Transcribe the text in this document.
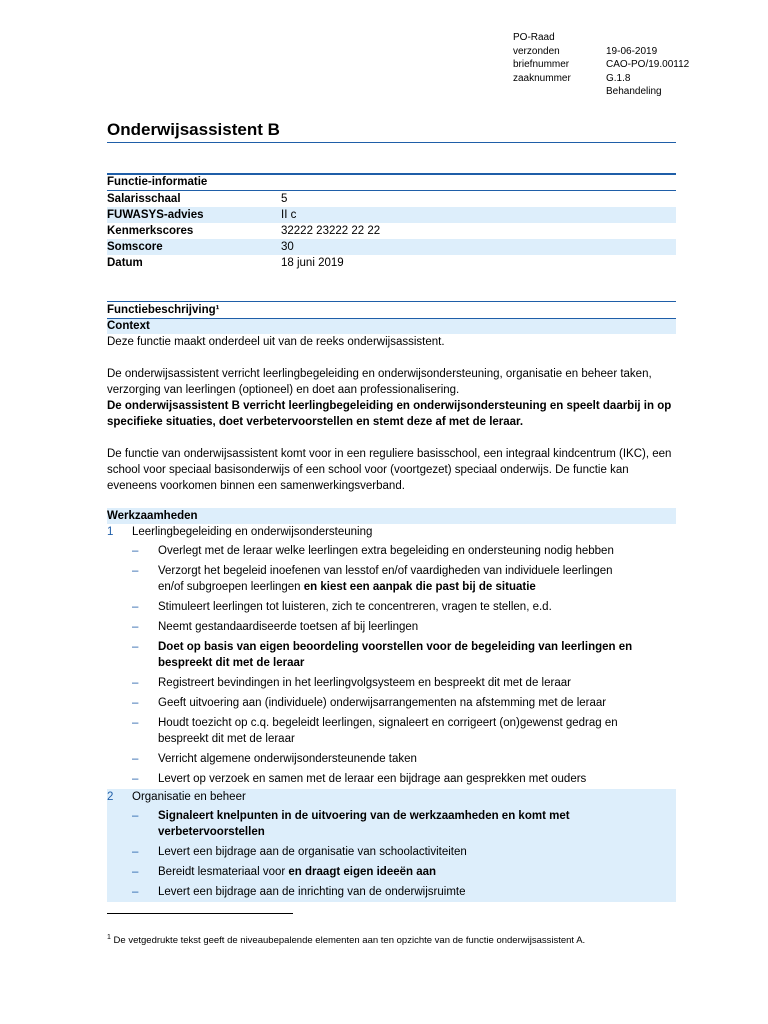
PO-Raad
verzonden	19-06-2019
briefnummer	CAO-PO/19.00112
zaaknummer	G.1.8
Behandeling
Onderwijsassistent B
Functie-informatie
Salarisschaal	5
FUWASYS-advies	II c
Kenmerkscores	32222 23222 22 22
Somscore	30
Datum	18 juni 2019
Functiebeschrijving¹
Context

Deze functie maakt onderdeel uit van de reeks onderwijsassistent.

De onderwijsassistent verricht leerlingbegeleiding en onderwijsondersteuning, organisatie en beheer taken, verzorging van leerlingen (optioneel) en doet aan professionalisering.

De onderwijsassistent B verricht leerlingbegeleiding en onderwijsondersteuning en speelt daarbij in op specifieke situaties, doet verbetervoorstellen en stemt deze af met de leraar.

De functie van onderwijsassistent komt voor in een reguliere basisschool, een integraal kindcentrum (IKC), een school voor speciaal basisonderwijs of een school voor (voortgezet) speciaal onderwijs. De functie kan eveneens voorkomen binnen een samenwerkingsverband.

Werkzaamheden
1	Leerlingbegeleiding en onderwijsondersteuning
–	Overlegt met de leraar welke leerlingen extra begeleiding en ondersteuning nodig hebben
–	Verzorgt het begeleid inoefenen van lesstof en/of vaardigheden van individuele leerlingen en/of subgroepen leerlingen en kiest een aanpak die past bij de situatie
–	Stimuleert leerlingen tot luisteren, zich te concentreren, vragen te stellen, e.d.
–	Neemt gestandaardiseerde toetsen af bij leerlingen
–	Doet op basis van eigen beoordeling voorstellen voor de begeleiding van leerlingen en bespreekt dit met de leraar
–	Registreert bevindingen in het leerlingvolgsysteem en bespreekt dit met de leraar
–	Geeft uitvoering aan (individuele) onderwijsarrangementen na afstemming met de leraar
–	Houdt toezicht op c.q. begeleidt leerlingen, signaleert en corrigeert (on)gewenst gedrag en bespreekt dit met de leraar
–	Verricht algemene onderwijsondersteunende taken
–	Levert op verzoek en samen met de leraar een bijdrage aan gesprekken met ouders
2	Organisatie en beheer
–	Signaleert knelpunten in de uitvoering van de werkzaamheden en komt met verbetervoorstellen
–	Levert een bijdrage aan de organisatie van schoolactiviteiten
–	Bereidt lesmateriaal voor en draagt eigen ideeën aan
–	Levert een bijdrage aan de inrichting van de onderwijsruimte
$^1$ De vetgedrukte tekst geeft de niveaubepalende elementen aan ten opzichte van de functie onderwijsassistent A.
